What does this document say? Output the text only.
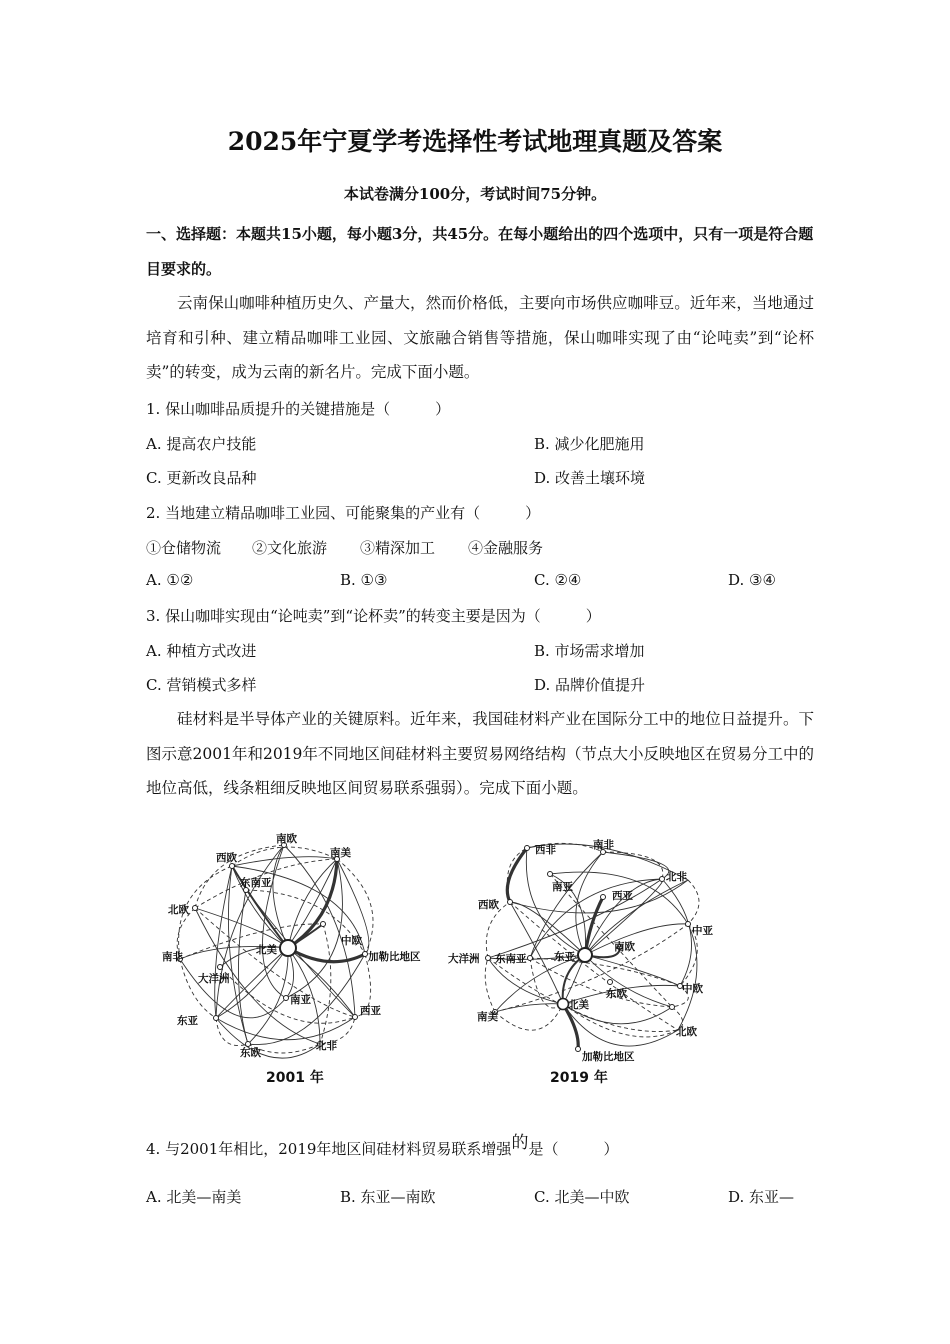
2025年宁夏学考选择性考试地理真题及答案
本试卷满分100分，考试时间75分钟。
一、选择题：本题共15小题，每小题3分，共45分。在每小题给出的四个选项中，只有一项是符合题目要求的。
云南保山咖啡种植历史久、产量大，然而价格低，主要向市场供应咖啡豆。近年来，当地通过培育和引种、建立精品咖啡工业园、文旅融合销售等措施，保山咖啡实现了由“论吨卖”到“论杯卖”的转变，成为云南的新名片。完成下面小题。
1. 保山咖啡品质提升的关键措施是（　　　）
A. 提高农户技能	B. 减少化肥施用
C. 更新改良品种	D. 改善土壤环境
2. 当地建立精品咖啡工业园、可能聚集的产业有（　　　）
①仓储物流 ②文化旅游 ③精深加工 ④金融服务
A. ①②	B. ①③	C. ②④	D. ③④
3. 保山咖啡实现由“论吨卖”到“论杯卖”的转变主要是因为（　　　）
A. 种植方式改进	B. 市场需求增加
C. 营销模式多样	D. 品牌价值提升
硅材料是半导体产业的关键原料。近年来，我国硅材料产业在国际分工中的地位日益提升。下图示意2001年和2019年不同地区间硅材料主要贸易网络结构（节点大小反映地区在贸易分工中的地位高低，线条粗细反映地区间贸易联系强弱）。完成下面小题。
南欧
西欧	南美
东南亚
北欧
中欧
北美
加勒比地区
南非
大洋洲
南亚
西亚
东亚
北非
东欧
2001 年
西非	南非
北非
南亚
西亚
西欧
中亚
大洋洲 东南亚	东亚
南欧
中欧
南美
北美
东欧
北欧
加勒比地区
2019 年
4. 与2001年相比，2019年地区间硅材料贸易联系增强的是（　　　）
A. 北美—南美	B. 东亚—南欧	C. 北美—中欧	D. 东亚—
